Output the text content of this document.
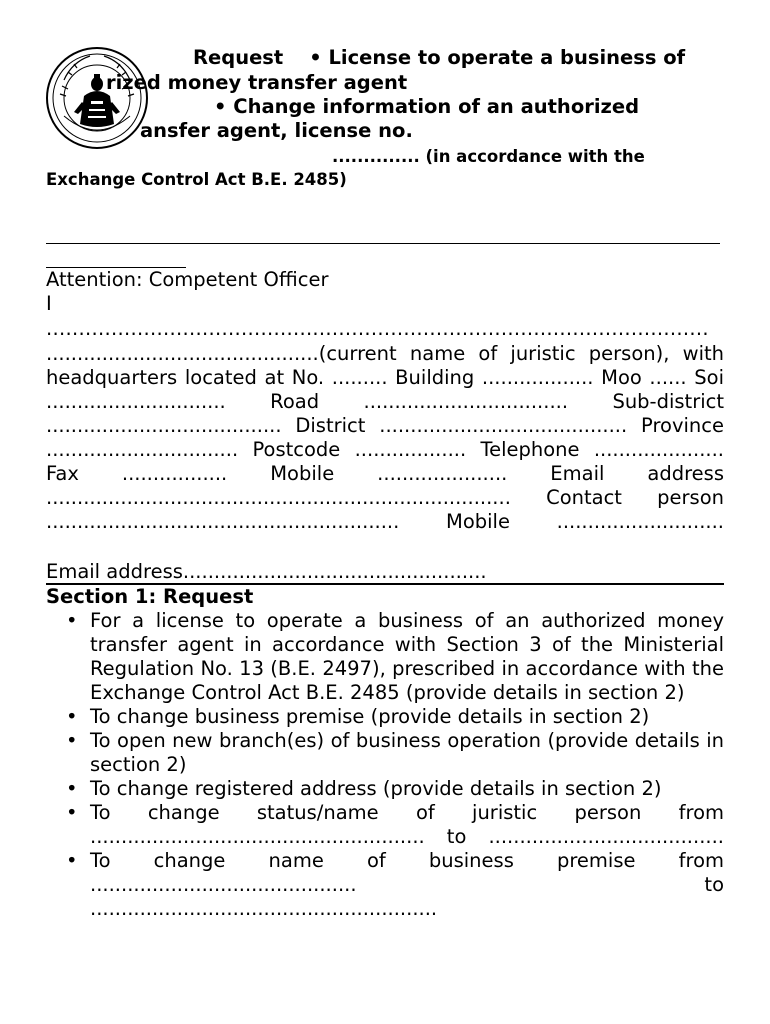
Request • License to operate a business of
rized money transfer agent
• Change information of an authorized
ansfer agent, license no.
.............. (in accordance with the
Exchange Control Act B.E. 2485)
Attention: Competent Officer
I
......................................................................................................
............................................(current name of juristic person), with headquarters located at No. ......... Building .................. Moo ...... Soi ............................. Road ................................. Sub-district ...................................... District ........................................ Province ............................... Postcode .................. Telephone ..................... Fax ................. Mobile ..................... Email address ........................................................................... Contact person ......................................................... Mobile ...........................
Email address.................................................
Section 1: Request
• For a license to operate a business of an authorized money transfer agent in accordance with Section 3 of the Ministerial Regulation No. 13 (B.E. 2497), prescribed in accordance with the Exchange Control Act B.E. 2485 (provide details in section 2)
• To change business premise (provide details in section 2)
• To open new branch(es) of business operation (provide details in section 2)
• To change registered address (provide details in section 2)
• To change status/name of juristic person from ...................................................... to ......................................
• To change name of business premise from ........................................... to ........................................................
